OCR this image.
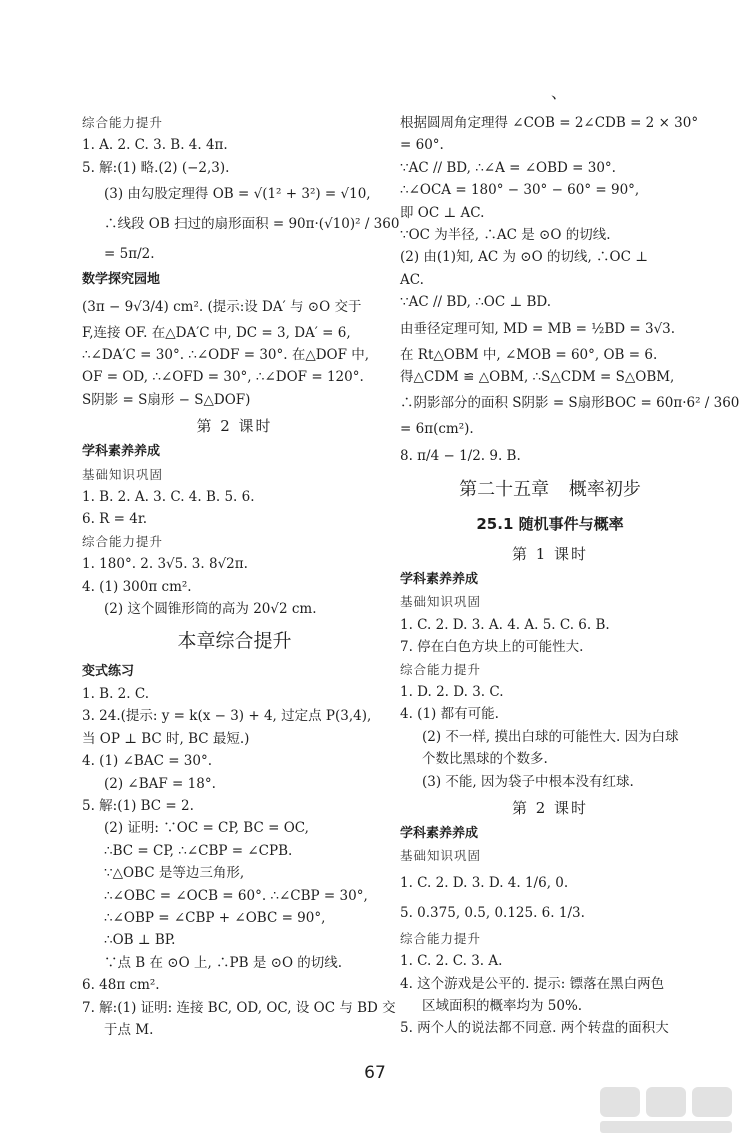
、
综合能力提升
1. A. 2. C. 3. B. 4. 4π.
5. 解:(1) 略.(2) (−2,3).
(3) 由勾股定理得 OB = √(1² + 3²) = √10,
∴线段 OB 扫过的扇形面积 = 90π·(√10)² / 360
= 5π/2.
数学探究园地
(3π − 9√3/4) cm². (提示:设 DA′ 与 ⊙O 交于
F,连接 OF. 在△DA′C 中, DC = 3, DA′ = 6,
∴∠DA′C = 30°. ∴∠ODF = 30°. 在△DOF 中,
OF = OD, ∴∠OFD = 30°, ∴∠DOF = 120°.
S阴影 = S扇形 − S△DOF)
第 2 课时
学科素养养成
基础知识巩固
1. B. 2. A. 3. C. 4. B. 5. 6.
6. R = 4r.
综合能力提升
1. 180°. 2. 3√5. 3. 8√2π.
4. (1) 300π cm².
(2) 这个圆锥形筒的高为 20√2 cm.
本章综合提升
变式练习
1. B. 2. C.
3. 24.(提示: y = k(x − 3) + 4, 过定点 P(3,4),
当 OP ⊥ BC 时, BC 最短.)
4. (1) ∠BAC = 30°.
(2) ∠BAF = 18°.
5. 解:(1) BC = 2.
(2) 证明: ∵OC = CP, BC = OC,
∴BC = CP, ∴∠CBP = ∠CPB.
∵△OBC 是等边三角形,
∴∠OBC = ∠OCB = 60°. ∴∠CBP = 30°,
∴∠OBP = ∠CBP + ∠OBC = 90°,
∴OB ⊥ BP.
∵点 B 在 ⊙O 上, ∴PB 是 ⊙O 的切线.
6. 48π cm².
7. 解:(1) 证明: 连接 BC, OD, OC, 设 OC 与 BD 交
于点 M.
根据圆周角定理得 ∠COB = 2∠CDB = 2 × 30°
= 60°.
∵AC // BD, ∴∠A = ∠OBD = 30°.
∴∠OCA = 180° − 30° − 60° = 90°,
即 OC ⊥ AC.
∵OC 为半径, ∴AC 是 ⊙O 的切线.
(2) 由(1)知, AC 为 ⊙O 的切线, ∴OC ⊥
AC.
∵AC // BD, ∴OC ⊥ BD.
由垂径定理可知, MD = MB = ½BD = 3√3.
在 Rt△OBM 中, ∠MOB = 60°, OB = 6.
得△CDM ≌ △OBM, ∴S△CDM = S△OBM,
∴阴影部分的面积 S阴影 = S扇形BOC = 60π·6² / 360
= 6π(cm²).
8. π/4 − 1/2. 9. B.
第二十五章 概率初步
25.1 随机事件与概率
第 1 课时
学科素养养成
基础知识巩固
1. C. 2. D. 3. A. 4. A. 5. C. 6. B.
7. 停在白色方块上的可能性大.
综合能力提升
1. D. 2. D. 3. C.
4. (1) 都有可能.
(2) 不一样, 摸出白球的可能性大. 因为白球
个数比黑球的个数多.
(3) 不能, 因为袋子中根本没有红球.
第 2 课时
学科素养养成
基础知识巩固
1. C. 2. D. 3. D. 4. 1/6, 0.
5. 0.375, 0.5, 0.125. 6. 1/3.
综合能力提升
1. C. 2. C. 3. A.
4. 这个游戏是公平的. 提示: 镖落在黑白两色
区域面积的概率均为 50%.
5. 两个人的说法都不同意. 两个转盘的面积大
67
